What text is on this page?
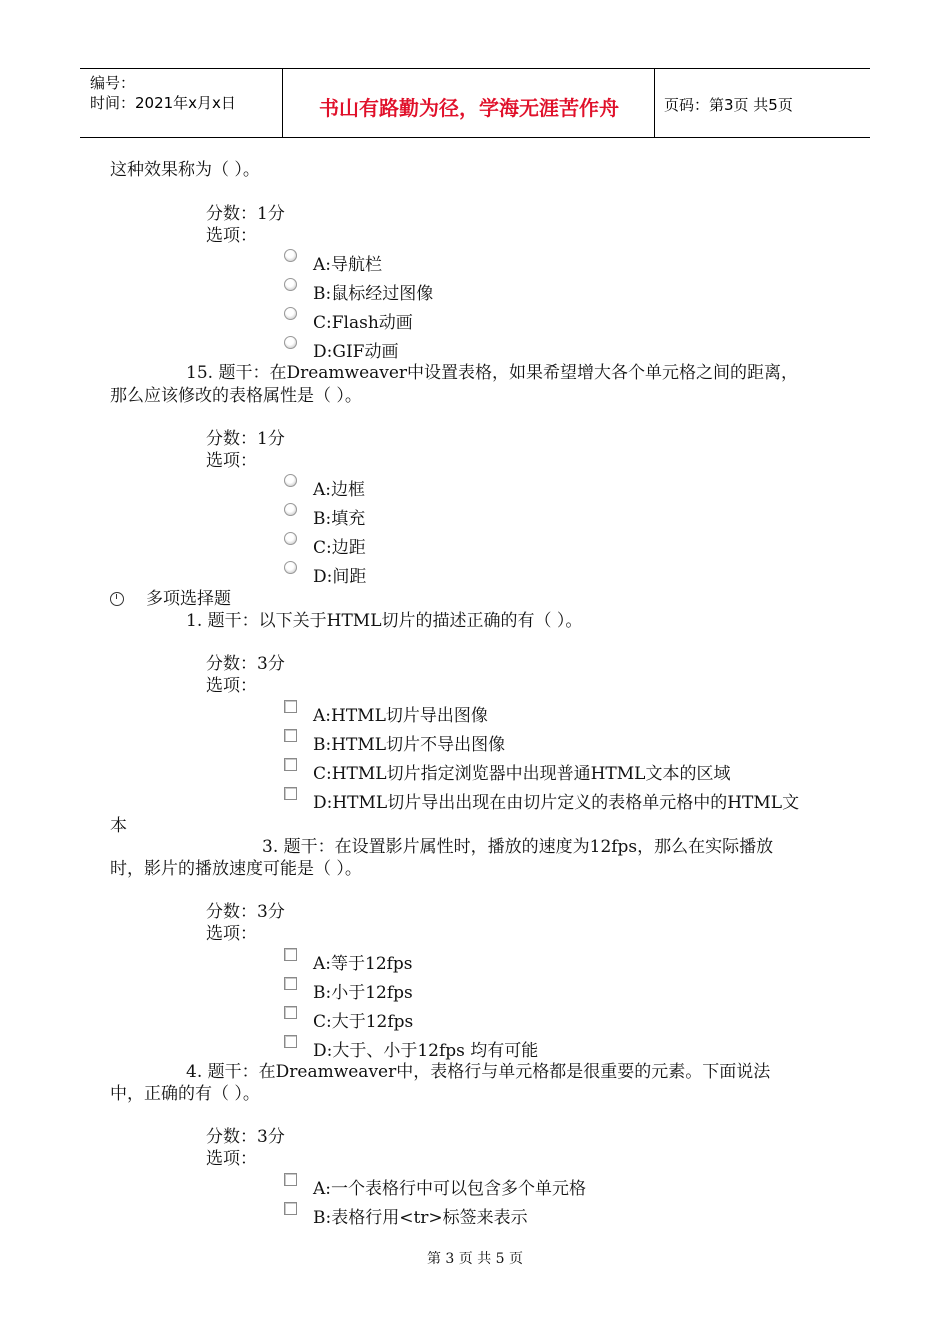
编号：
时间：2021年x月x日	书山有路勤为径，学海无涯苦作舟	页码：第3页 共5页
这种效果称为（ ）。
分数：1分
选项：
A:导航栏
B:鼠标经过图像
C:Flash动画
D:GIF动画
15. 题干：在Dreamweaver中设置表格，如果希望增大各个单元格之间的距离，
那么应该修改的表格属性是（ ）。
分数：1分
选项：
A:边框
B:填充
C:边距
D:间距
多项选择题
1. 题干：以下关于HTML切片的描述正确的有（ ）。
分数：3分
选项：
A:HTML切片导出图像
B:HTML切片不导出图像
C:HTML切片指定浏览器中出现普通HTML文本的区域
D:HTML切片导出出现在由切片定义的表格单元格中的HTML文
本
3. 题干：在设置影片属性时，播放的速度为12fps，那么在实际播放
时，影片的播放速度可能是（ ）。
分数：3分
选项：
A:等于12fps
B:小于12fps
C:大于12fps
D:大于、小于12fps 均有可能
4. 题干：在Dreamweaver中，表格行与单元格都是很重要的元素。下面说法
中，正确的有（ ）。
分数：3分
选项：
A:一个表格行中可以包含多个单元格
B:表格行用<tr>标签来表示
第 3 页 共 5 页
